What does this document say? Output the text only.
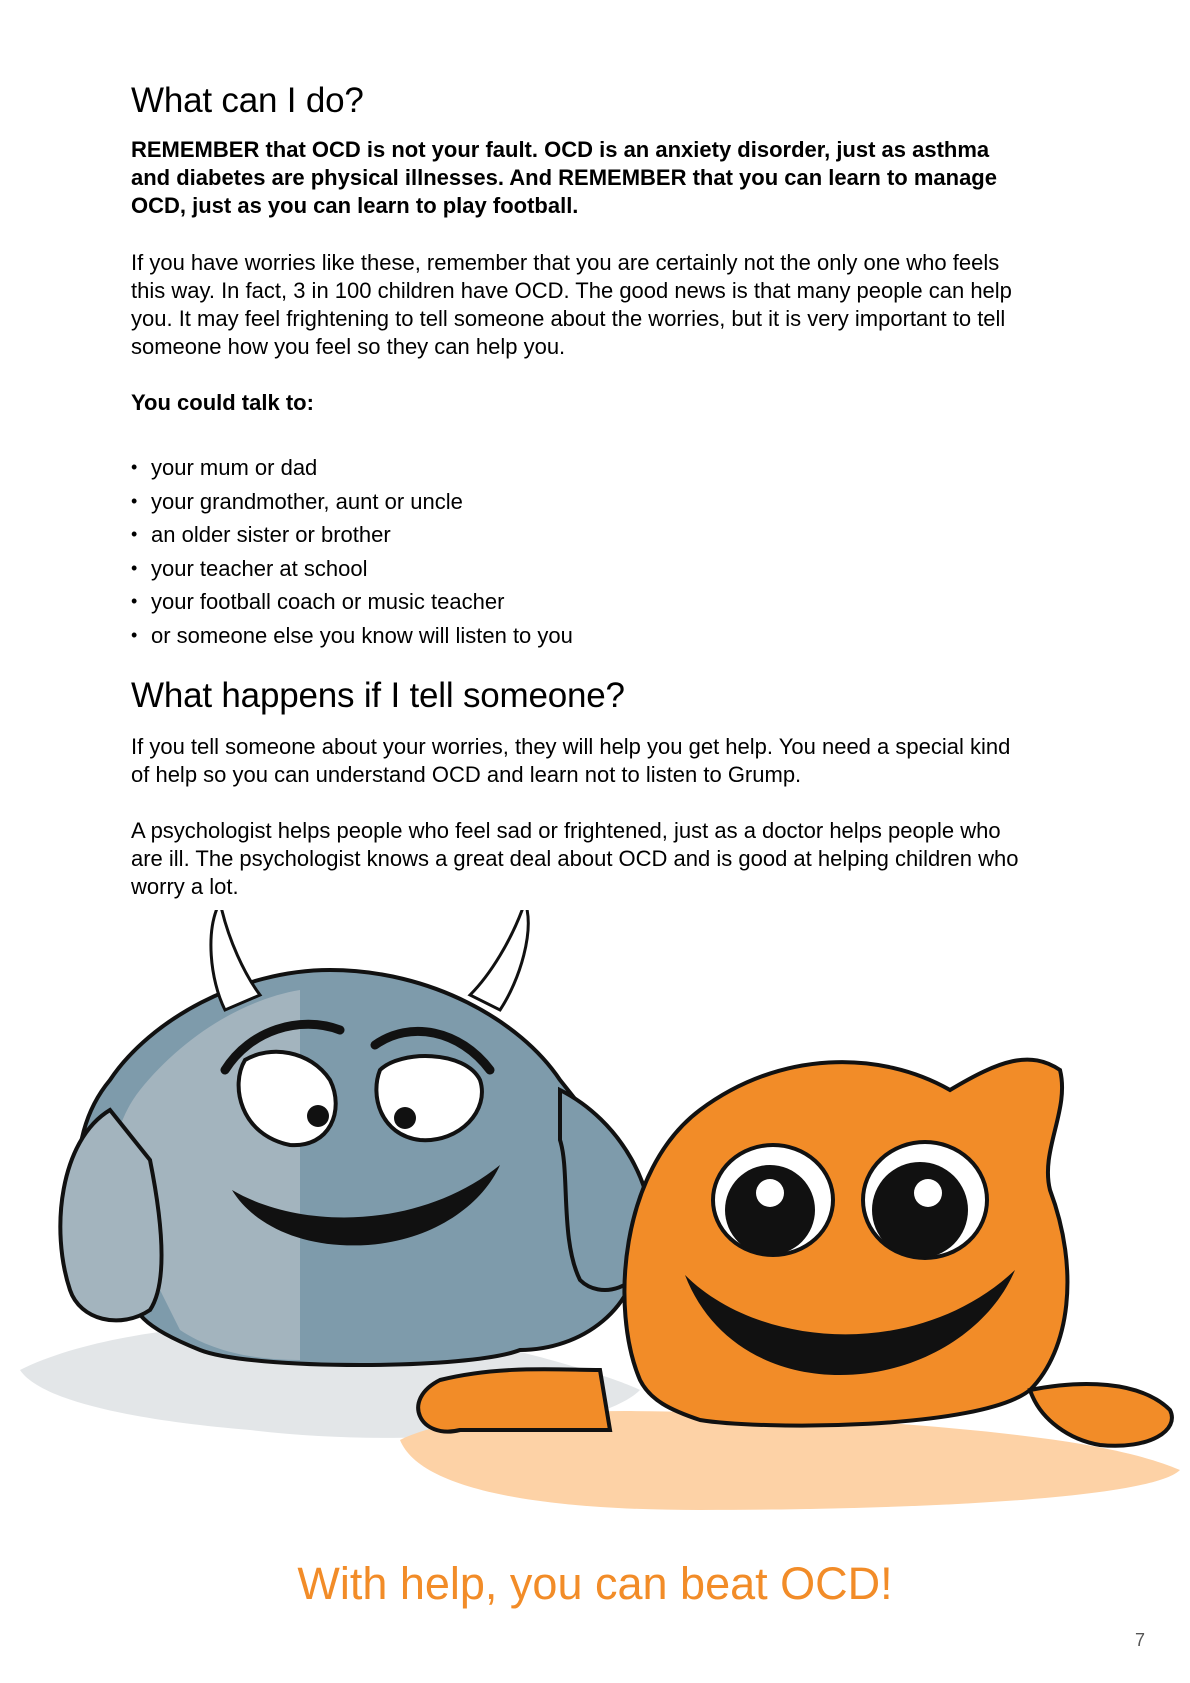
What can I do?

REMEMBER that OCD is not your fault. OCD is an anxiety disorder, just as asthma and diabetes are physical illnesses. And REMEMBER that you can learn to manage OCD, just as you can learn to play football.

If you have worries like these, remember that you are certainly not the only one who feels this way. In fact, 3 in 100 children have OCD. The good news is that many people can help you. It may feel frightening to tell someone about the worries, but it is very important to tell someone how you feel so they can help you.

You could talk to:

• your mum or dad
• your grandmother, aunt or uncle
• an older sister or brother
• your teacher at school
• your football coach or music teacher
• or someone else you know will listen to you
What happens if I tell someone?

If you tell someone about your worries, they will help you get help. You need a special kind of help so you can understand OCD and learn not to listen to Grump.

A psychologist helps people who feel sad or frightened, just as a doctor helps people who are ill. The psychologist knows a great deal about OCD and is good at helping children who worry a lot.

With help, you can beat OCD!
7
